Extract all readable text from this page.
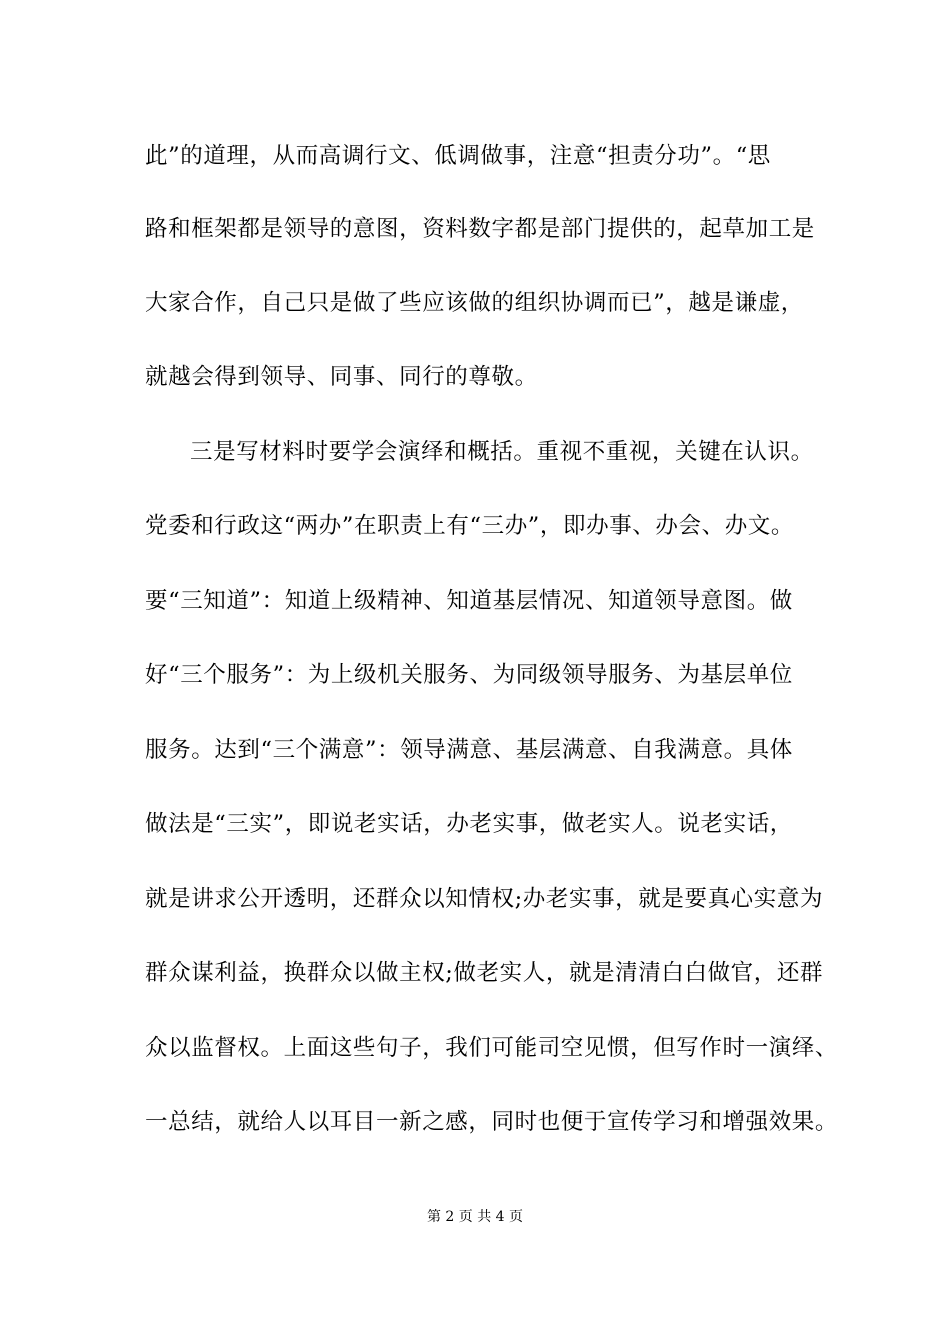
此”的道理，从而高调行文、低调做事，注意“担责分功”。“思
路和框架都是领导的意图，资料数字都是部门提供的，起草加工是
大家合作，自己只是做了些应该做的组织协调而已”，越是谦虚，
就越会得到领导、同事、同行的尊敬。
三是写材料时要学会演绎和概括。重视不重视，关键在认识。
党委和行政这“两办”在职责上有“三办”，即办事、办会、办文。
要“三知道”：知道上级精神、知道基层情况、知道领导意图。做
好“三个服务”：为上级机关服务、为同级领导服务、为基层单位
服务。达到“三个满意”：领导满意、基层满意、自我满意。具体
做法是“三实”，即说老实话，办老实事，做老实人。说老实话，
就是讲求公开透明，还群众以知情权;办老实事，就是要真心实意为
群众谋利益，换群众以做主权;做老实人，就是清清白白做官，还群
众以监督权。上面这些句子，我们可能司空见惯，但写作时一演绎、
一总结，就给人以耳目一新之感，同时也便于宣传学习和增强效果。
第 2 页 共 4 页
